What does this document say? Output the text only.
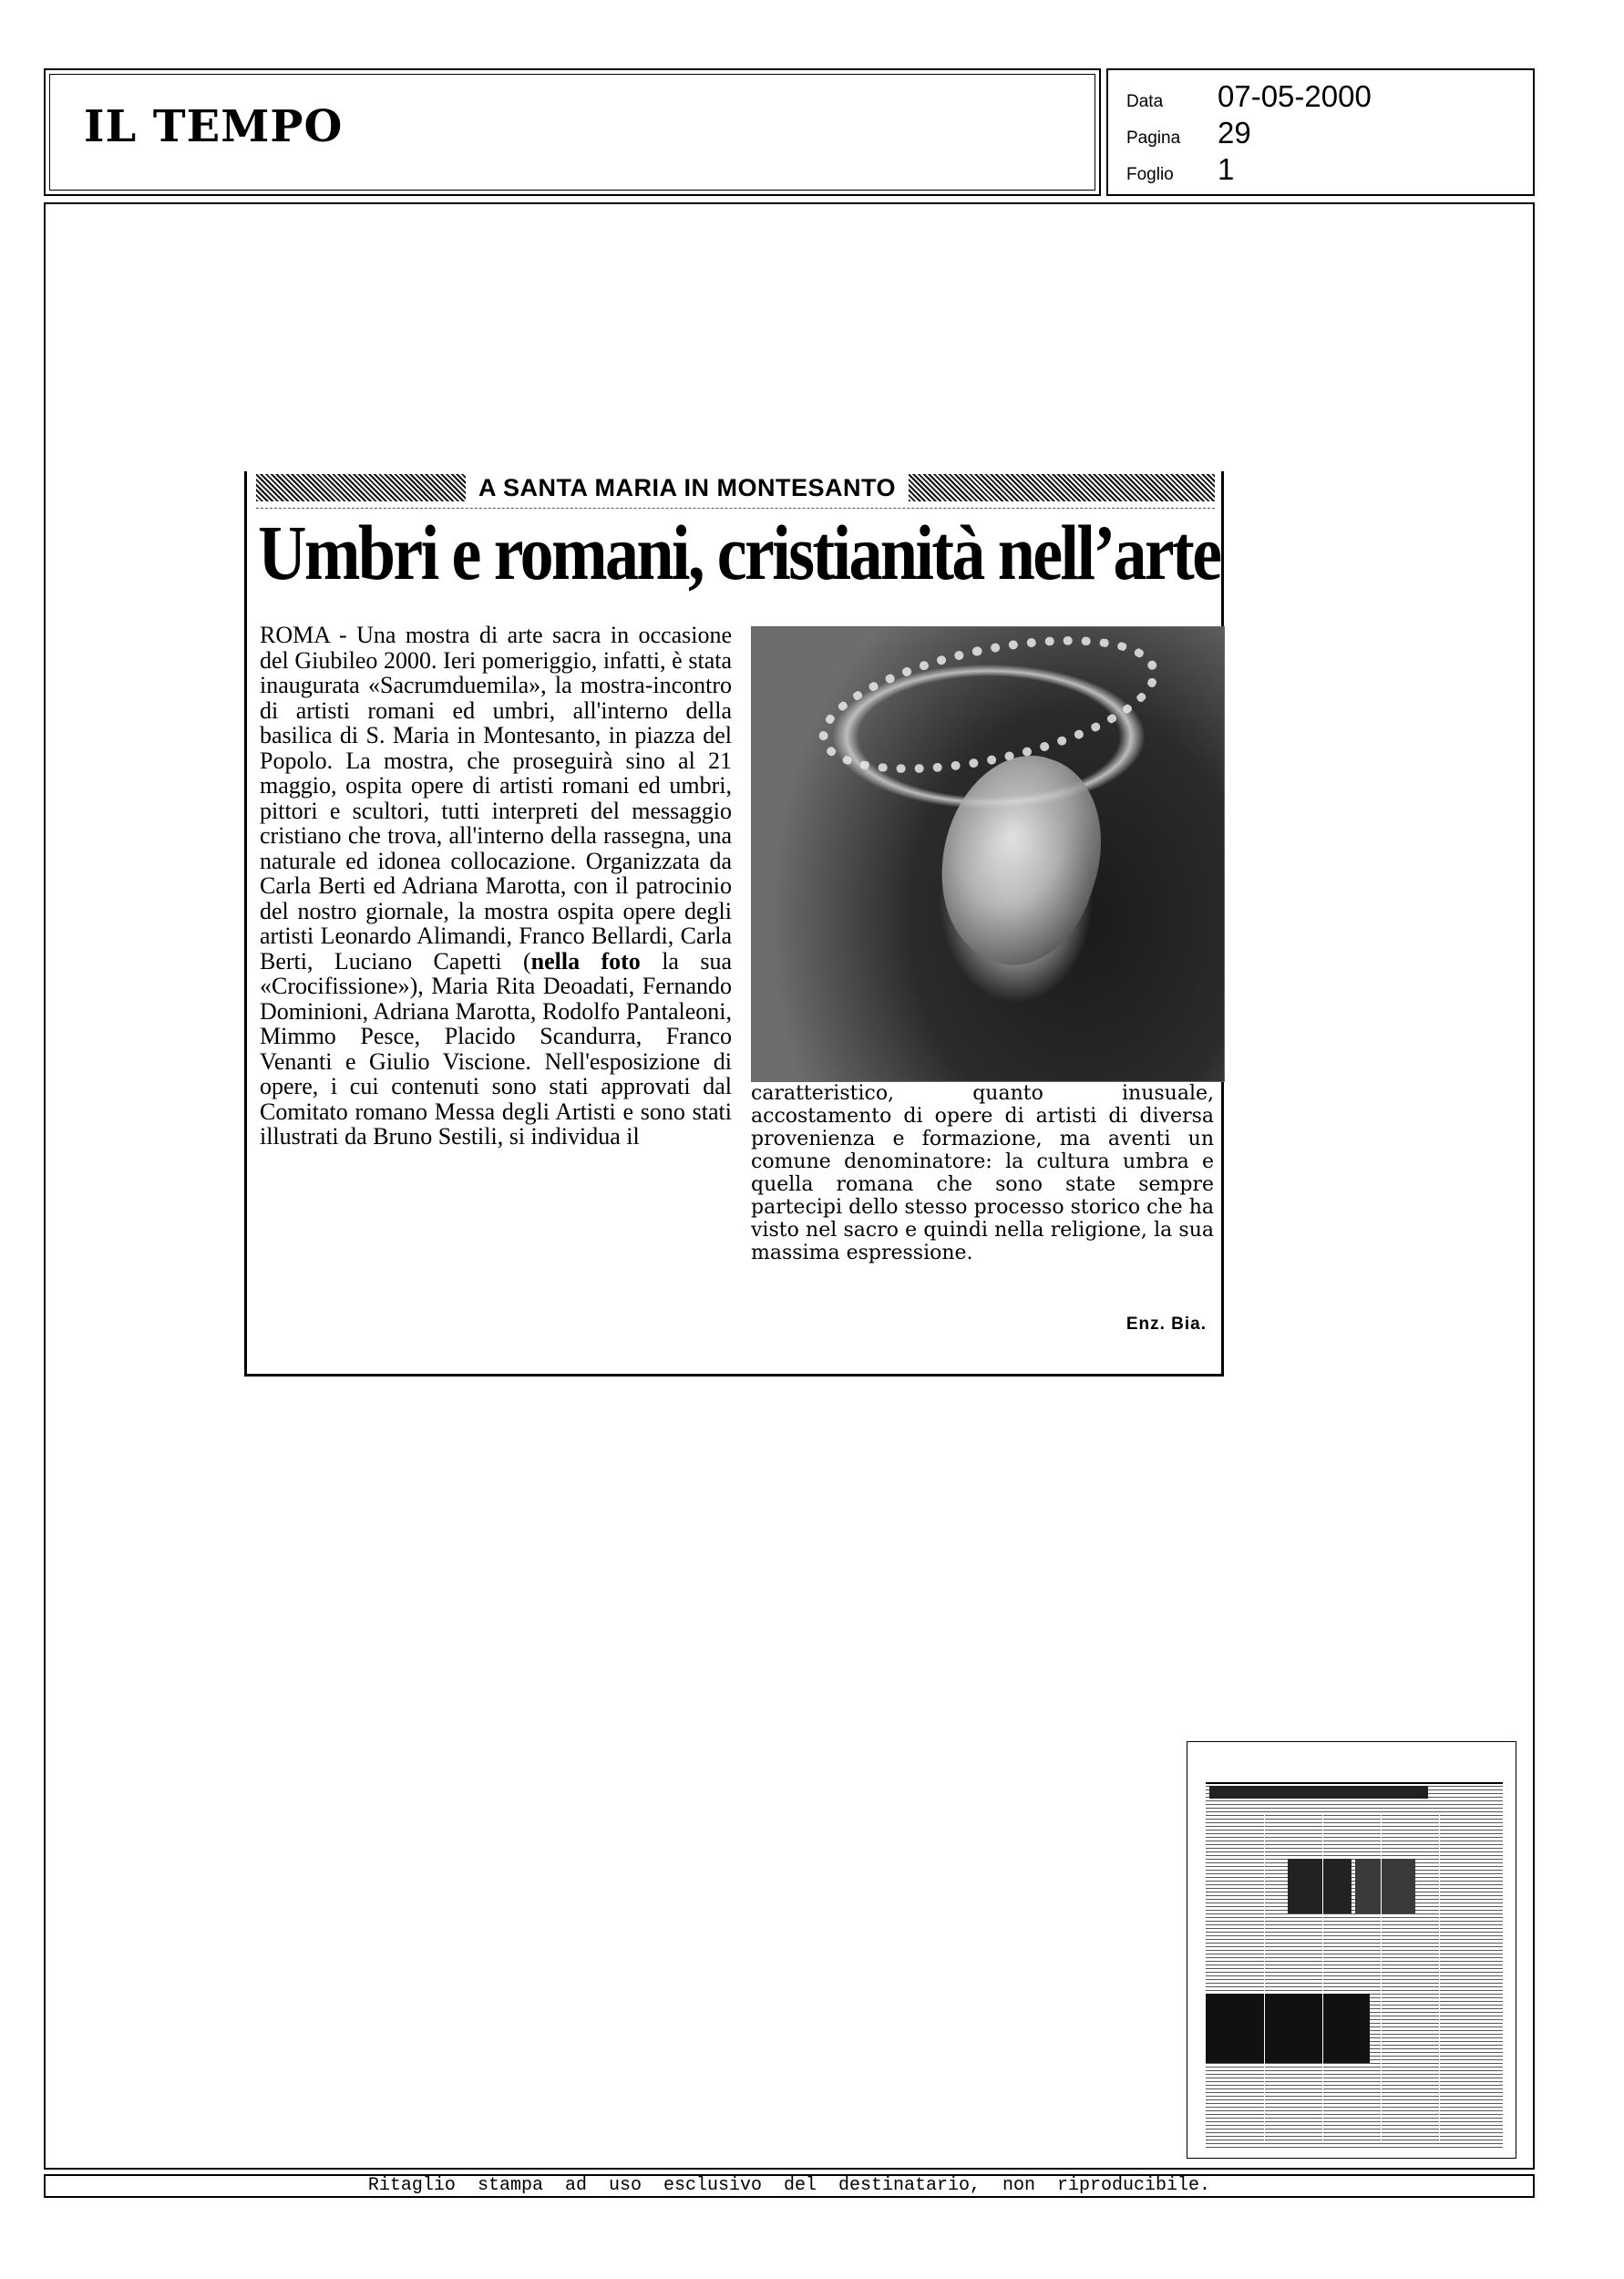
IL TEMPO	Data	07-05-2000
Pagina	29
Foglio	1
A SANTA MARIA IN MONTESANTO
Umbri e romani, cristianità nell’arte

ROMA - Una mostra di arte sacra in occasione del Giubileo 2000. Ieri pomeriggio, infatti, è stata inaugurata «Sacrumduemila», la mostra-incontro di artisti romani ed umbri, all'interno della basilica di S. Maria in Montesanto, in piazza del Popolo. La mostra, che proseguirà sino al 21 maggio, ospita opere di artisti romani ed umbri, pittori e scultori, tutti interpreti del messaggio cristiano che trova, all'interno della rassegna, una naturale ed idonea collocazione. Organizzata da Carla Berti ed Adriana Marotta, con il patrocinio del nostro giornale, la mostra ospita opere degli artisti Leonardo Alimandi, Franco Bellardi, Carla Berti, Luciano Capetti (nella foto la sua «Crocifissione»), Maria Rita Deoadati, Fernando Dominioni, Adriana Marotta, Rodolfo Pantaleoni, Mimmo Pesce, Placido Scandurra, Franco Venanti e Giulio Viscione. Nell'esposizione di opere, i cui contenuti sono stati approvati dal Comitato romano Messa degli Artisti e sono stati illustrati da Bruno Sestili, si individua il

caratteristico, quanto inusuale, accostamento di opere di artisti di diversa provenienza e formazione, ma aventi un comune denominatore: la cultura umbra e quella romana che sono state sempre partecipi dello stesso processo storico che ha visto nel sacro e quindi nella religione, la sua massima espressione.

Enz. Bia.
Ritaglio stampa ad uso esclusivo del destinatario, non riproducibile.
